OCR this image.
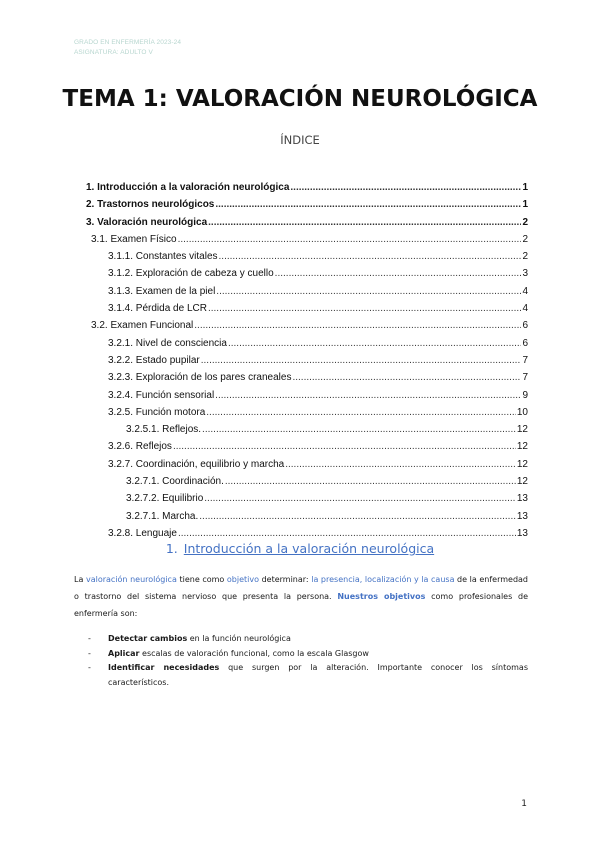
GRADO EN ENFERMERÍA 2023-24
ASIGNATURA: ADULTO V
TEMA 1: VALORACIÓN NEUROLÓGICA
ÍNDICE
1. Introducción a la valoración neurológica .....	1
2. Trastornos neurológicos .....	1
3. Valoración neurológica .....	2
3.1. Examen Físico .....	2
3.1.1. Constantes vitales .....	2
3.1.2. Exploración de cabeza y cuello .....	3
3.1.3. Examen de la piel .....	4
3.1.4. Pérdida de LCR .....	4
3.2. Examen Funcional .....	6
3.2.1. Nivel de consciencia .....	6
3.2.2. Estado pupilar .....	7
3.2.3. Exploración de los pares craneales .....	7
3.2.4. Función sensorial .....	9
3.2.5. Función motora .....	10
3.2.5.1. Reflejos. .....	12
3.2.6. Reflejos .....	12
3.2.7. Coordinación, equilibrio y marcha .....	12
3.2.7.1. Coordinación. .....	12
3.2.7.2. Equilibrio .....	13
3.2.7.1. Marcha. .....	13
3.2.8. Lenguaje .....	13
1. Introducción a la valoración neurológica
La valoración neurológica tiene como objetivo determinar: la presencia, localización y la causa de la enfermedad o trastorno del sistema nervioso que presenta la persona. Nuestros objetivos como profesionales de enfermería son:
- Detectar cambios en la función neurológica
- Aplicar escalas de valoración funcional, como la escala Glasgow
- Identificar necesidades que surgen por la alteración. Importante conocer los síntomas característicos.
1
